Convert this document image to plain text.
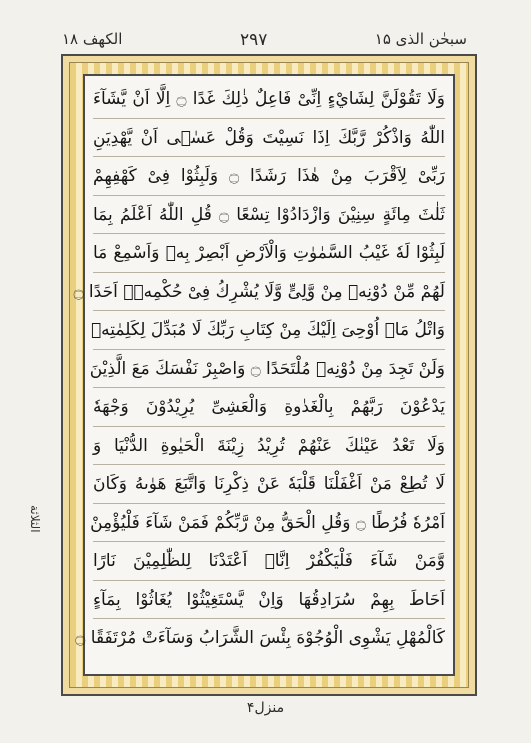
الکهف ۱۸	۲۹۷	سبحٰن الذی ۱۵
الثلاثة
وَلَا تَقُوْلَنَّ لِشَايْءٍ اِنِّیْ فَاعِلٌ ذٰلِكَ غَدًا ۝ اِلَّا اَنْ يَّشَآءَ
اللّٰهُ وَاذْكُرْ رَّبَّكَ اِذَا نَسِيْتَ وَقُلْ عَسٰۤى اَنْ يَّهْدِيَنِ
رَبِّیْ لِاَقْرَبَ مِنْ هٰذَا رَشَدًا ۝ وَلَبِثُوْا فِیْ كَهْفِهِمْ
ثَلٰثَ مِائَةٍ سِنِيْنَ وَازْدَادُوْا تِسْعًا ۝ قُلِ اللّٰهُ اَعْلَمُ بِمَا
لَبِثُوْا لَهٗ غَيْبُ السَّمٰوٰتِ وَالْاَرْضِ اَبْصِرْ بِهٖ وَاَسْمِعْ مَا
لَهُمْ مِّنْ دُوْنِهٖ مِنْ وَّلِیٍّ وَّلَا يُشْرِكُ فِیْ حُكْمِهٖۤ اَحَدًا ۝
وَاتْلُ مَاۤ اُوْحِیَ اِلَيْكَ مِنْ كِتَابِ رَبِّكَ لَا مُبَدِّلَ لِكَلِمٰتِهٖ
وَلَنْ تَجِدَ مِنْ دُوْنِهٖ مُلْتَحَدًا ۝ وَاصْبِرْ نَفْسَكَ مَعَ الَّذِيْنَ
يَدْعُوْنَ رَبَّهُمْ بِالْغَدٰوةِ وَالْعَشِیِّ يُرِيْدُوْنَ وَجْهَهٗ
وَلَا تَعْدُ عَيْنٰكَ عَنْهُمْ تُرِيْدُ زِيْنَةَ الْحَيٰوةِ الدُّنْيَا وَ
لَا تُطِعْ مَنْ اَغْفَلْنَا قَلْبَهٗ عَنْ ذِكْرِنَا وَاتَّبَعَ هَوٰىهُ وَكَانَ
اَمْرُهٗ فُرُطًا ۝ وَقُلِ الْحَقُّ مِنْ رَّبِّكُمْ فَمَنْ شَآءَ فَلْيُؤْمِنْ
وَّمَنْ شَآءَ فَلْيَكْفُرْ اِنَّاۤ اَعْتَدْنَا لِلظّٰلِمِيْنَ نَارًا
اَحَاطَ بِهِمْ سُرَادِقُهَا وَاِنْ يَّسْتَغِيْثُوْا يُغَاثُوْا بِمَآءٍ
كَالْمُهْلِ يَشْوِی الْوُجُوْهَ بِئْسَ الشَّرَابُ وَسَآءَتْ مُرْتَفَقًا ۝
منزل۴
